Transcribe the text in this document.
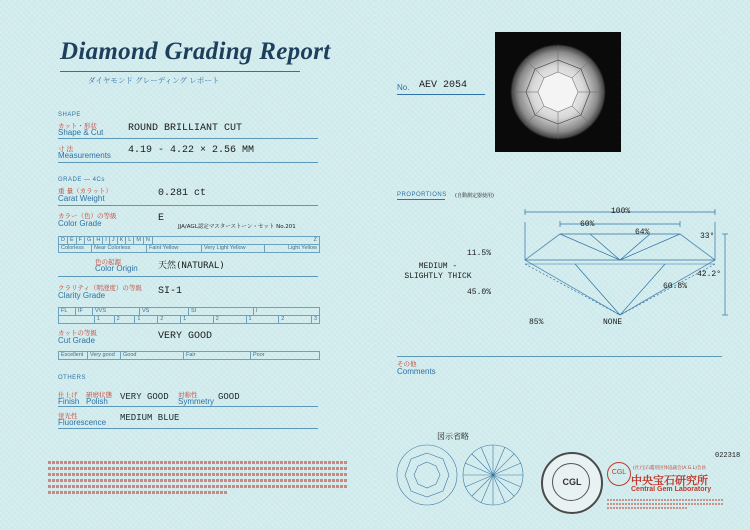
Diamond Grading Report
ダイヤモンド グレーディング レポート
SHAPE
カット・形状
Shape & Cut ROUND BRILLIANT CUT
寸 法
Measurements 4.19 - 4.22 × 2.56 MM
GRADE — 4Cs
重 量（カラット）
Carat Weight	0.281 ct
カラー（色）の等級
Color Grade	E
JJA/AGL認定マスターストーン・セット No.201
D E F G H I J K L M N	Z
Colorless	Near Colorless	Faint Yellow	Very Light Yellow	Light Yellow
色の起源
Color Origin 天然(NATURAL)
クラリティ（明澄度）の等級
Clarity Grade	SI-1
FL	IF	VVS	VS	SI	I
1	2	1	2	1	2	1	2	3
カットの等級
Cut Grade	VERY GOOD
Excellent	Very good	Good	Fair	Poor
OTHERS
仕上げ
Finish
研磨状態
Polish VERY GOOD 対称性
Symmetry GOOD
蛍光性
Fluorescence MEDIUM BLUE
No. AEV 2054
PROPORTIONS (自動測定器使用)
100%
60%
64%
11.5%
33°
MEDIUM - SLIGHTLY THICK	42.2°
60.8%
45.0%
85%	NONE
その他
Comments
図示省略
022318
CGL
CGL
(社)宝石鑑別団体協議会(A.G.L)会員
中央宝石研究所
Central Gem Laboratory
